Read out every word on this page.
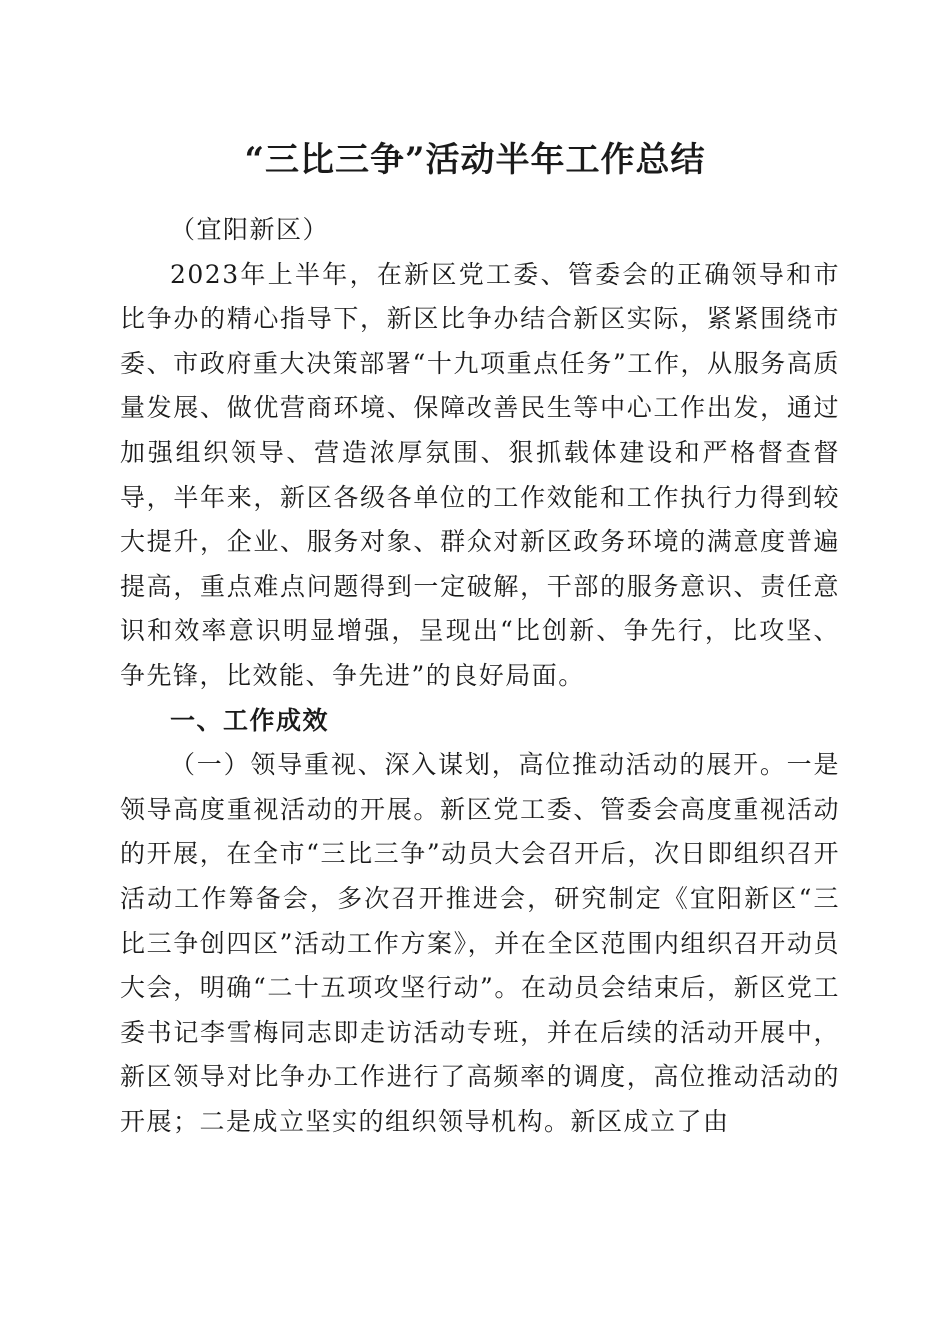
“三比三争”活动半年工作总结

（宜阳新区）

2023年上半年，在新区党工委、管委会的正确领导和市比争办的精心指导下，新区比争办结合新区实际，紧紧围绕市委、市政府重大决策部署“十九项重点任务”工作，从服务高质量发展、做优营商环境、保障改善民生等中心工作出发，通过加强组织领导、营造浓厚氛围、狠抓载体建设和严格督查督导，半年来，新区各级各单位的工作效能和工作执行力得到较大提升，企业、服务对象、群众对新区政务环境的满意度普遍提高，重点难点问题得到一定破解，干部的服务意识、责任意识和效率意识明显增强，呈现出“比创新、争先行，比攻坚、争先锋，比效能、争先进”的良好局面。

一、工作成效

（一）领导重视、深入谋划，高位推动活动的展开。一是领导高度重视活动的开展。新区党工委、管委会高度重视活动的开展，在全市“三比三争”动员大会召开后，次日即组织召开活动工作筹备会，多次召开推进会，研究制定《宜阳新区“三比三争创四区”活动工作方案》，并在全区范围内组织召开动员大会，明确“二十五项攻坚行动”。在动员会结束后，新区党工委书记李雪梅同志即走访活动专班，并在后续的活动开展中，新区领导对比争办工作进行了高频率的调度，高位推动活动的开展；二是成立坚实的组织领导机构。新区成立了由
